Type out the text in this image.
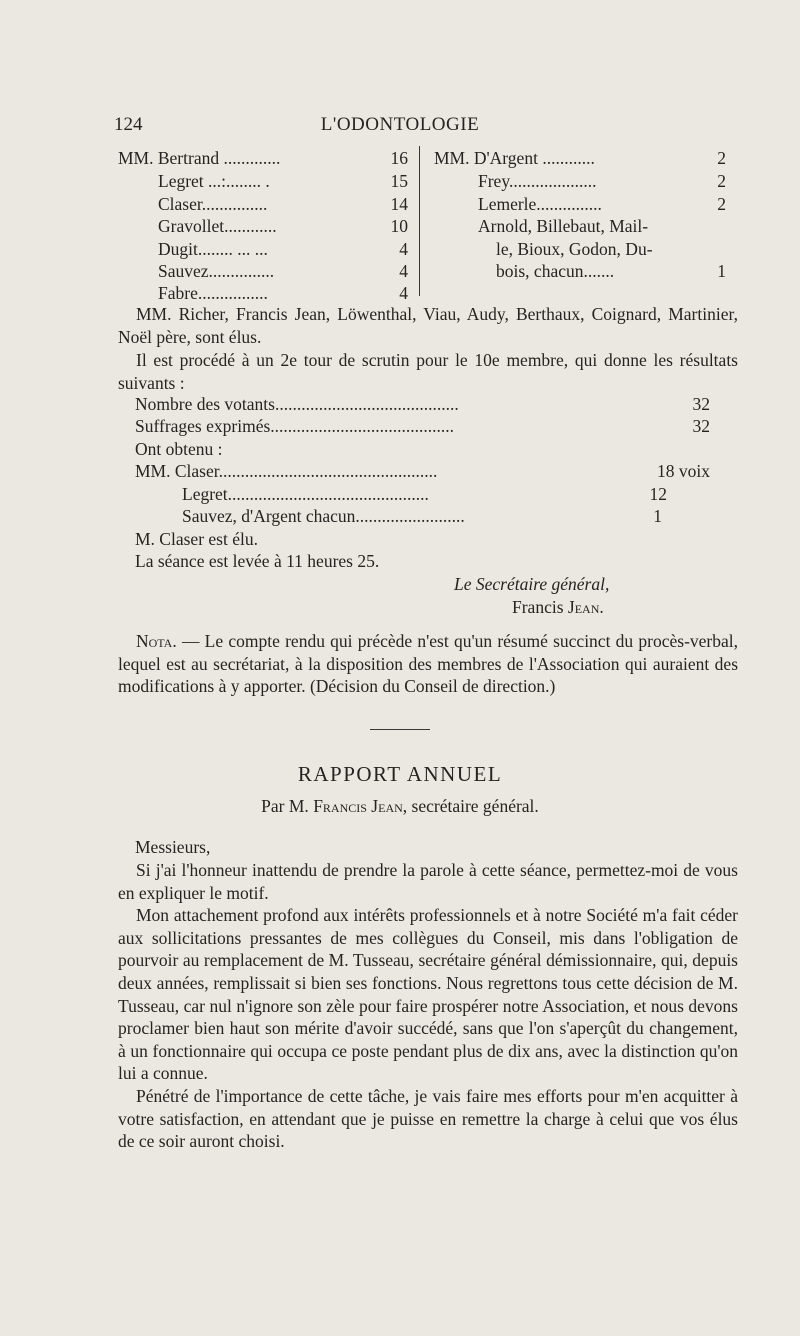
124	L'ODONTOLOGIE
MM. Bertrand .............	16
Legret ...:........ .	15
Claser...............	14
Gravollet............	10
Dugit........ ... ...	4
Sauvez...............	4
Fabre................	4
MM. D'Argent ............	2
Frey....................	2
Lemerle...............	2
Arnold, Billebaut, Mail-
le, Bioux, Godon, Du-
bois, chacun.......	1

MM. Richer, Francis Jean, Löwenthal, Viau, Audy, Berthaux, Coignard, Martinier, Noël père, sont élus.

Il est procédé à un 2e tour de scrutin pour le 10e membre, qui donne les résultats suivants :

Nombre des votants..........................................	32
Suffrages exprimés..........................................	32
Ont obtenu :
MM. Claser..................................................	18 voix
Legret..............................................	12
Sauvez, d'Argent chacun.........................	1
M. Claser est élu.
La séance est levée à 11 heures 25.
Le Secrétaire général,
Francis Jean.

Nota. — Le compte rendu qui précède n'est qu'un résumé succinct du procès-verbal, lequel est au secrétariat, à la disposition des membres de l'Association qui auraient des modifications à y apporter. (Décision du Conseil de direction.)

RAPPORT ANNUEL
Par M. Francis Jean, secrétaire général.
Messieurs,

Si j'ai l'honneur inattendu de prendre la parole à cette séance, permettez-moi de vous en expliquer le motif.

Mon attachement profond aux intérêts professionnels et à notre Société m'a fait céder aux sollicitations pressantes de mes collègues du Conseil, mis dans l'obligation de pourvoir au remplacement de M. Tusseau, secrétaire général démissionnaire, qui, depuis deux années, remplissait si bien ses fonctions. Nous regrettons tous cette décision de M. Tusseau, car nul n'ignore son zèle pour faire prospérer notre Association, et nous devons proclamer bien haut son mérite d'avoir succédé, sans que l'on s'aperçût du changement, à un fonctionnaire qui occupa ce poste pendant plus de dix ans, avec la distinction qu'on lui a connue.

Pénétré de l'importance de cette tâche, je vais faire mes efforts pour m'en acquitter à votre satisfaction, en attendant que je puisse en remettre la charge à celui que vos élus de ce soir auront choisi.
